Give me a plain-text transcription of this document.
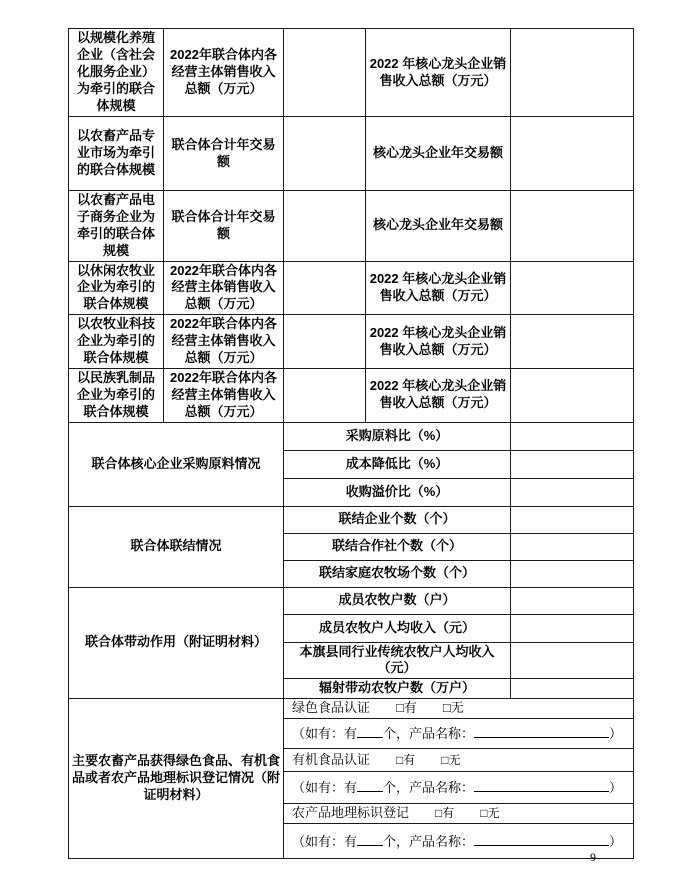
以规模化养殖企业（含社会化服务企业）为牵引的联合体规模	2022年联合体内各经营主体销售收入总额（万元）		2022 年核心龙头企业销售收入总额（万元）	
以农畜产品专业市场为牵引的联合体规模	联合体合计年交易额		核心龙头企业年交易额	
以农畜产品电子商务企业为牵引的联合体规模	联合体合计年交易额		核心龙头企业年交易额	
以休闲农牧业企业为牵引的联合体规模	2022年联合体内各经营主体销售收入总额（万元）		2022 年核心龙头企业销售收入总额（万元）	
以农牧业科技企业为牵引的联合体规模	2022年联合体内各经营主体销售收入总额（万元）		2022 年核心龙头企业销售收入总额（万元）	
以民族乳制品企业为牵引的联合体规模	2022年联合体内各经营主体销售收入总额（万元）		2022 年核心龙头企业销售收入总额（万元）	
联合体核心企业采购原料情况		采购原料比（%）		
		成本降低比（%）		
		收购溢价比（%）		
联合体联结情况		联结企业个数（个）		
		联结合作社个数（个）		
		联结家庭农牧场个数（个）		
联合体带动作用（附证明材料）		成员农牧户数（户）		
		成员农牧户人均收入（元）		
		本旗县同行业传统农牧户人均收入（元）		
		辐射带动农牧户数（万户）		
主要农畜产品获得绿色食品、有机食品或者农产品地理标识登记情况（附证明材料）		绿色食品认证 □有 □无		
		（如有：有 个，产品名称： ）		
		有机食品认证 □有 □无		
		（如有：有 个，产品名称： ）		
		农产品地理标识登记 □有 □无		
		（如有：有 个，产品名称： ）		
9
